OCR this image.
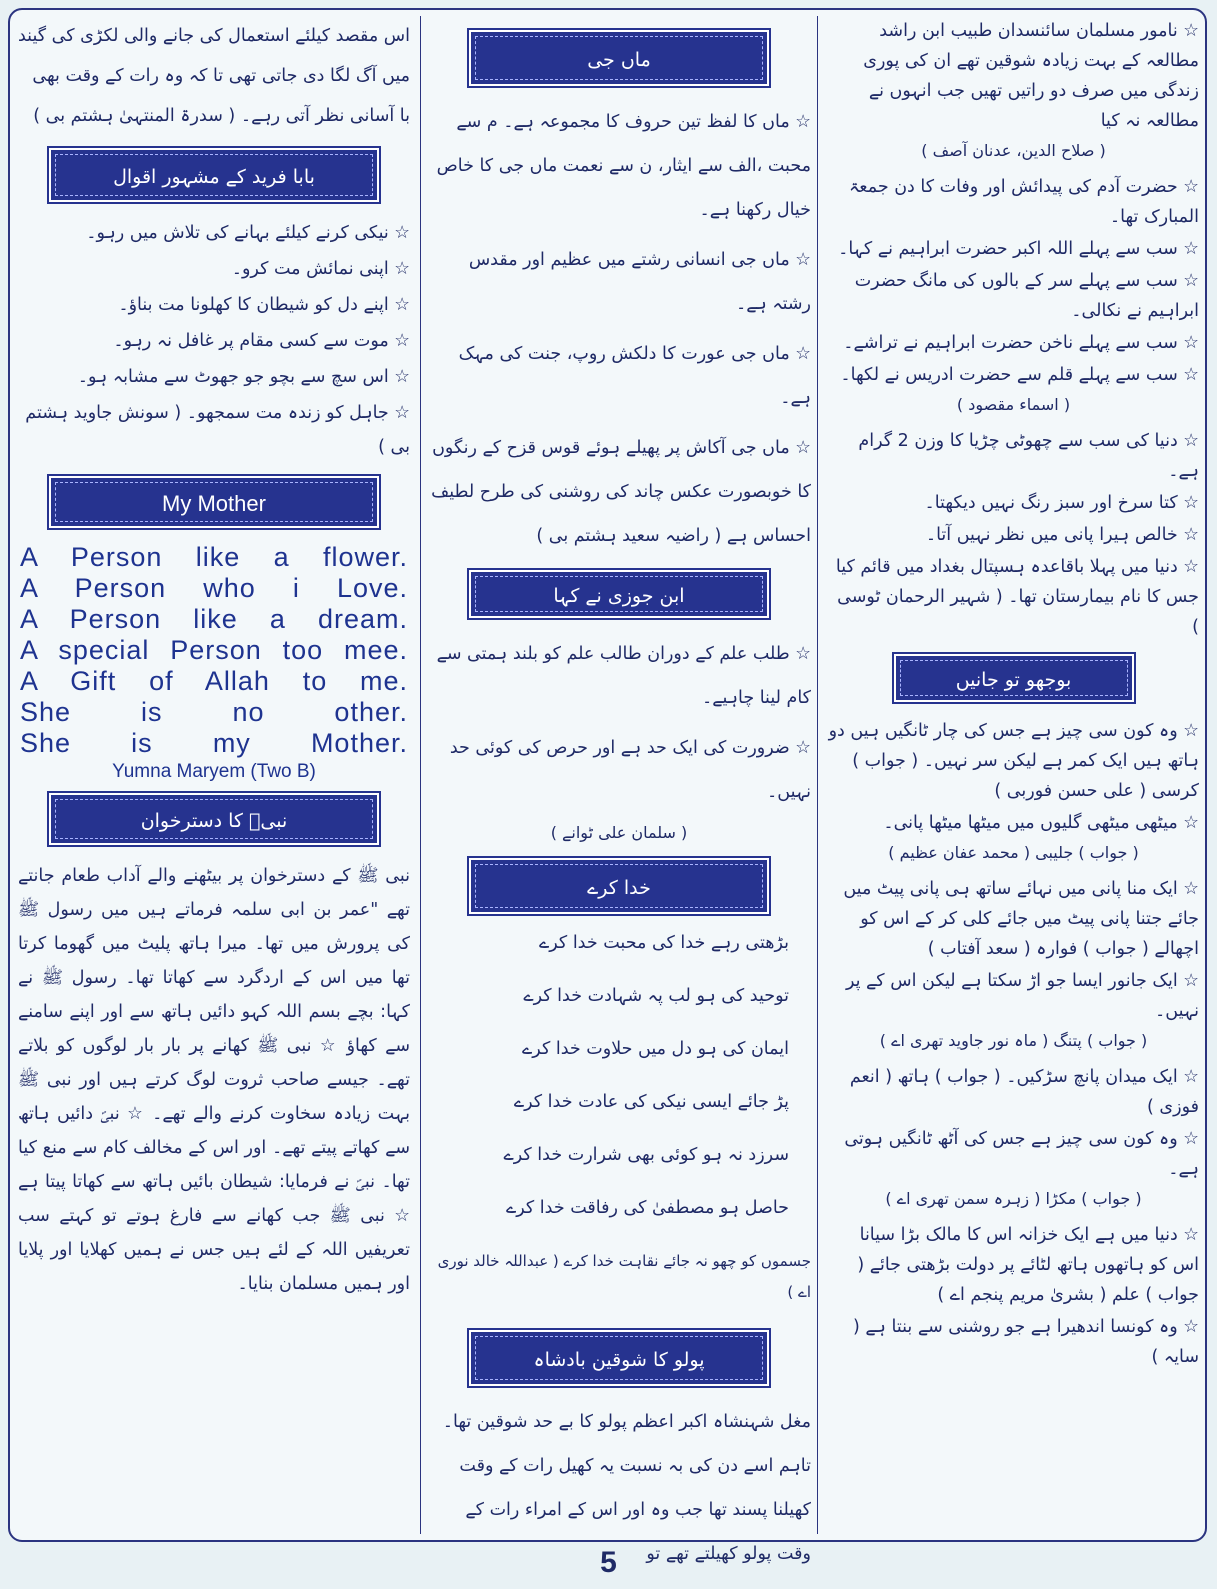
☆ نامور مسلمان سائنسدان طبیب ابن راشد مطالعہ کے بہت زیادہ شوقین تھے ان کی پوری زندگی میں صرف دو راتیں تھیں جب انہوں نے مطالعہ نہ کیا

( صلاح الدین، عدنان آصف )

☆ حضرت آدم کی پیدائش اور وفات کا دن جمعۃ المبارک تھا۔

☆ سب سے پہلے اللہ اکبر حضرت ابراہیم نے کہا۔

☆ سب سے پہلے سر کے بالوں کی مانگ حضرت ابراہیم نے نکالی۔

☆ سب سے پہلے ناخن حضرت ابراہیم نے تراشے۔

☆ سب سے پہلے قلم سے حضرت ادریس نے لکھا۔

( اسماء مقصود )

☆ دنیا کی سب سے چھوٹی چڑیا کا وزن 2 گرام ہے۔

☆ کتا سرخ اور سبز رنگ نہیں دیکھتا۔

☆ خالص ہیرا پانی میں نظر نہیں آتا۔

☆ دنیا میں پہلا باقاعدہ ہسپتال بغداد میں قائم کیا جس کا نام بیمارستان تھا۔ ( شہیر الرحمان ٹوسی )

بوجھو تو جانیں

☆ وہ کون سی چیز ہے جس کی چار ٹانگیں ہیں دو ہاتھ ہیں ایک کمر ہے لیکن سر نہیں۔ ( جواب ) کرسی ( علی حسن فوربی )

☆ میٹھی میٹھی گلیوں میں میٹھا میٹھا پانی۔

( جواب ) جلیبی ( محمد عفان عظیم )

☆ ایک منا پانی میں نہائے ساتھ ہی پانی پیٹ میں جائے جتنا پانی پیٹ میں جائے کلی کر کے اس کو اچھالے ( جواب ) فوارہ ( سعد آفتاب )

☆ ایک جانور ایسا جو اڑ سکتا ہے لیکن اس کے پر نہیں۔

( جواب ) پتنگ ( ماہ نور جاوید تھری اے )

☆ ایک میدان پانچ سڑکیں۔ ( جواب ) ہاتھ ( انعم فوزی )

☆ وہ کون سی چیز ہے جس کی آٹھ ٹانگیں ہوتی ہے۔

( جواب ) مکڑا ( زہرہ سمن تھری اے )

☆ دنیا میں ہے ایک خزانہ اس کا مالک بڑا سیانا اس کو ہاتھوں ہاتھ لٹائے پر دولت بڑھتی جائے ( جواب ) علم ( بشریٰ مریم پنجم اے )

☆ وہ کونسا اندھیرا ہے جو روشنی سے بنتا ہے ( سایہ )

ماں جی

☆ ماں کا لفظ تین حروف کا مجموعہ ہے۔ م سے محبت ،الف سے ایثار، ن سے نعمت ماں جی کا خاص خیال رکھنا ہے۔

☆ ماں جی انسانی رشتے میں عظیم اور مقدس رشتہ ہے۔

☆ ماں جی عورت کا دلکش روپ، جنت کی مہک ہے۔

☆ ماں جی آکاش پر پھیلے ہوئے قوس قزح کے رنگوں کا خوبصورت عکس چاند کی روشنی کی طرح لطیف احساس ہے ( راضیہ سعید ہشتم بی )

ابن جوزی نے کہا

☆ طلب علم کے دوران طالب علم کو بلند ہمتی سے کام لینا چاہیے۔

☆ ضرورت کی ایک حد ہے اور حرص کی کوئی حد نہیں۔

( سلمان علی ٹوانے )

خدا کرے

بڑھتی رہے خدا کی محبت خدا کرے

توحید کی ہو لب پہ شہادت خدا کرے

ایمان کی ہو دل میں حلاوت خدا کرے

پڑ جائے ایسی نیکی کی عادت خدا کرے

سرزد نہ ہو کوئی بھی شرارت خدا کرے

حاصل ہو مصطفیٰ کی رفاقت خدا کرے

جسموں کو چھو نہ جائے نقاہت خدا کرے ( عبداللہ خالد نوری اے )

پولو کا شوقین بادشاہ

مغل شہنشاہ اکبر اعظم پولو کا بے حد شوقین تھا۔ تاہم اسے دن کی بہ نسبت یہ کھیل رات کے وقت کھیلنا پسند تھا جب وہ اور اس کے امراء رات کے وقت پولو کھیلتے تھے تو

اس مقصد کیلئے استعمال کی جانے والی لکڑی کی گیند میں آگ لگا دی جاتی تھی تا کہ وہ رات کے وقت بھی با آسانی نظر آتی رہے۔ ( سدرۃ المنتہیٰ ہشتم بی )

بابا فرید کے مشہور اقوال

☆ نیکی کرنے کیلئے بہانے کی تلاش میں رہو۔

☆ اپنی نمائش مت کرو۔

☆ اپنے دل کو شیطان کا کھلونا مت بناؤ۔

☆ موت سے کسی مقام پر غافل نہ رہو۔

☆ اس سچ سے بچو جو جھوٹ سے مشابہ ہو۔

☆ جاہل کو زندہ مت سمجھو۔ ( سونش جاوید ہشتم بی )

My Mother

A Person like a flower.

A Person who i Love.

A Person like a dream.

A special Person too mee.

A Gift of Allah to me.

She is no other.

She is my Mother.

Yumna Maryem (Two B)

نبیؐ کا دسترخوان

نبی ﷺ کے دسترخوان پر بیٹھنے والے آداب طعام جانتے تھے "عمر بن ابی سلمہ فرماتے ہیں میں رسول ﷺ کی پرورش میں تھا۔ میرا ہاتھ پلیٹ میں گھوما کرتا تھا میں اس کے اردگرد سے کھاتا تھا۔ رسول ﷺ نے کہا: بچے بسم اللہ کہو دائیں ہاتھ سے اور اپنے سامنے سے کھاؤ ☆ نبی ﷺ کھانے پر بار بار لوگوں کو بلاتے تھے۔ جیسے صاحب ثروت لوگ کرتے ہیں اور نبی ﷺ بہت زیادہ سخاوت کرنے والے تھے۔ ☆ نبیؐ دائیں ہاتھ سے کھاتے پیتے تھے۔ اور اس کے مخالف کام سے منع کیا تھا۔ نبیؐ نے فرمایا: شیطان بائیں ہاتھ سے کھاتا پیتا ہے ☆ نبی ﷺ جب کھانے سے فارغ ہوتے تو کہتے سب تعریفیں اللہ کے لئے ہیں جس نے ہمیں کھلایا اور پلایا اور ہمیں مسلمان بنایا۔

5
